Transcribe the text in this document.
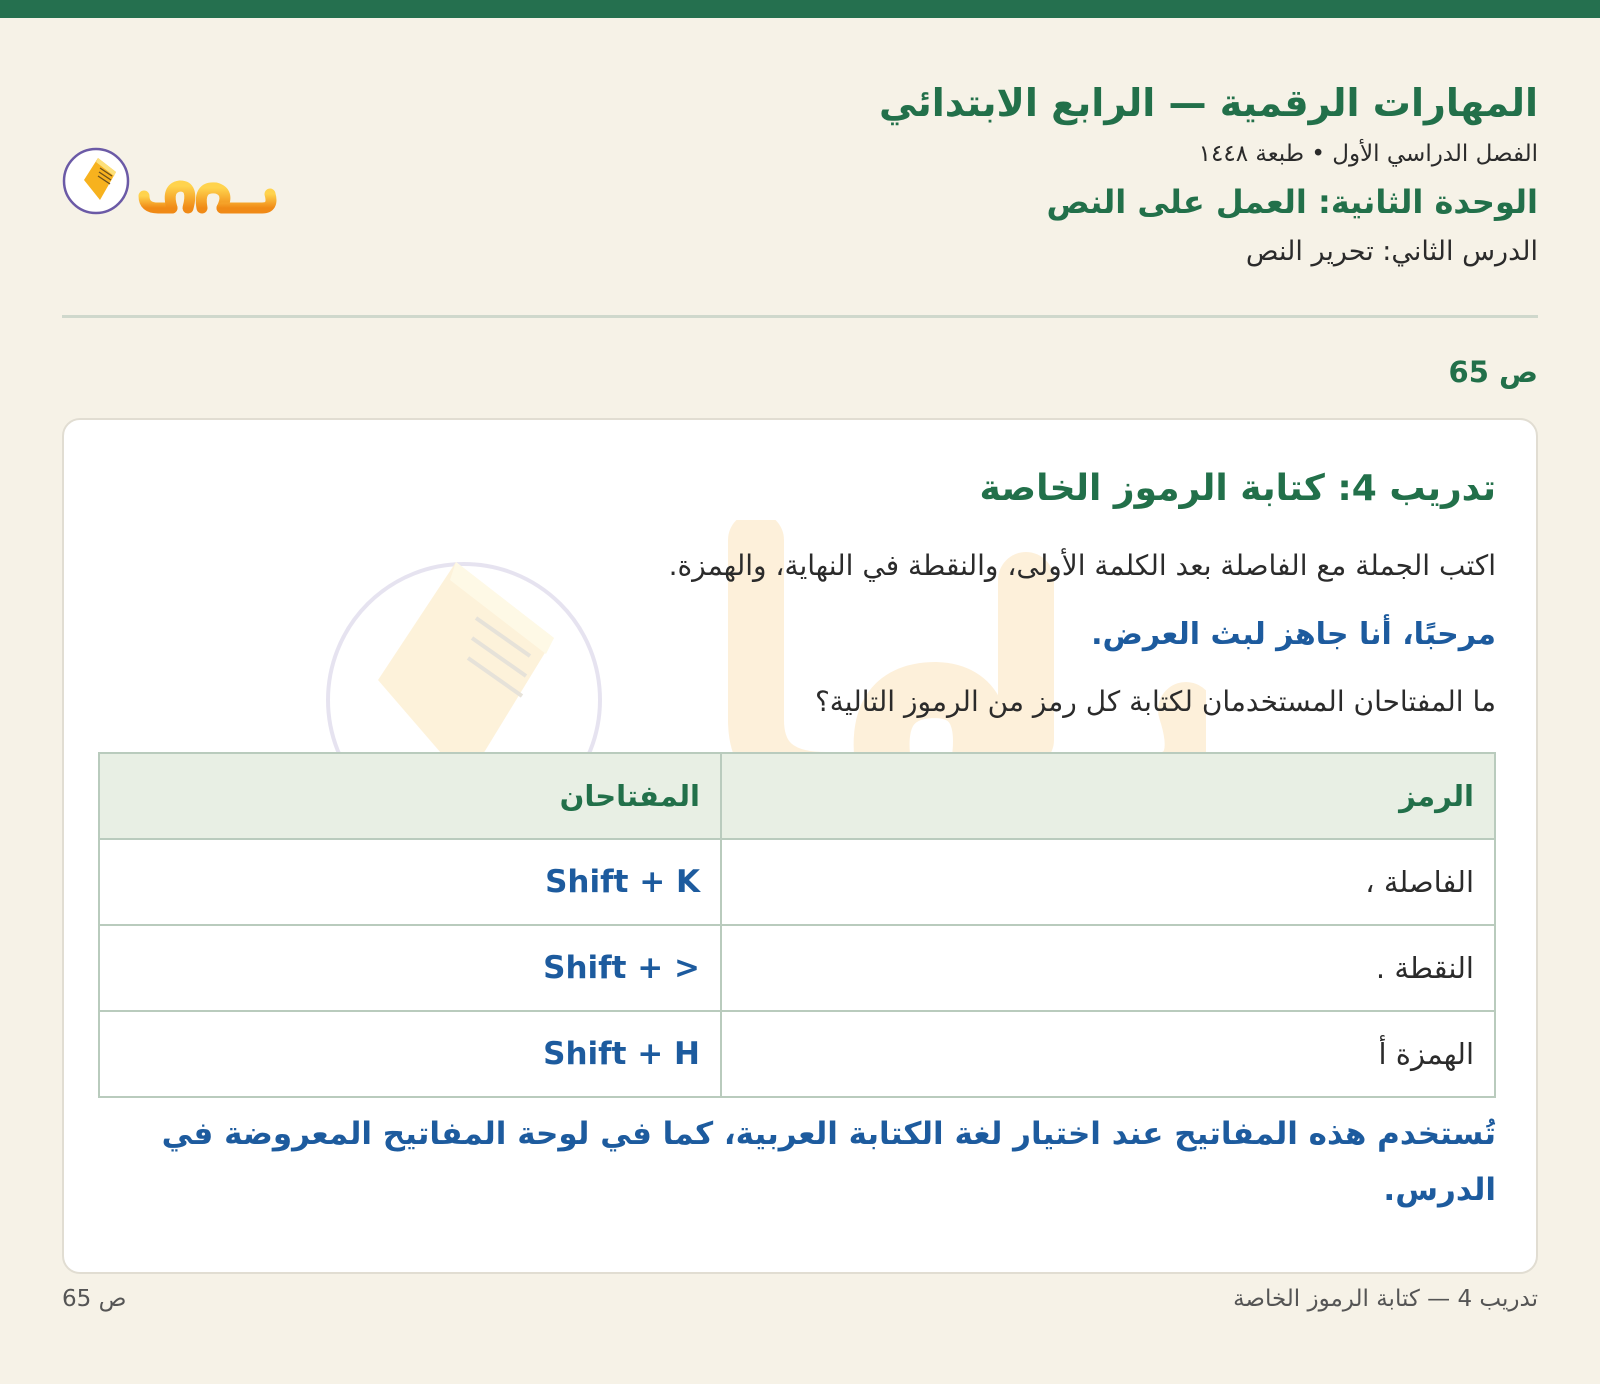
المهارات الرقمية — الرابع الابتدائي
الفصل الدراسي الأول • طبعة ١٤٤٨
الوحدة الثانية: العمل على النص
الدرس الثاني: تحرير النص
ص 65
تدريب 4: كتابة الرموز الخاصة
اكتب الجملة مع الفاصلة بعد الكلمة الأولى، والنقطة في النهاية، والهمزة.
مرحبًا، أنا جاهز لبث العرض.
ما المفتاحان المستخدمان لكتابة كل رمز من الرموز التالية؟
الرمز	المفتاحان
الفاصلة ،	Shift + K
النقطة .	Shift + >
الهمزة أ	Shift + H
تُستخدم هذه المفاتيح عند اختيار لغة الكتابة العربية، كما في لوحة المفاتيح المعروضة في الدرس.
ص 65	تدريب 4 — كتابة الرموز الخاصة
